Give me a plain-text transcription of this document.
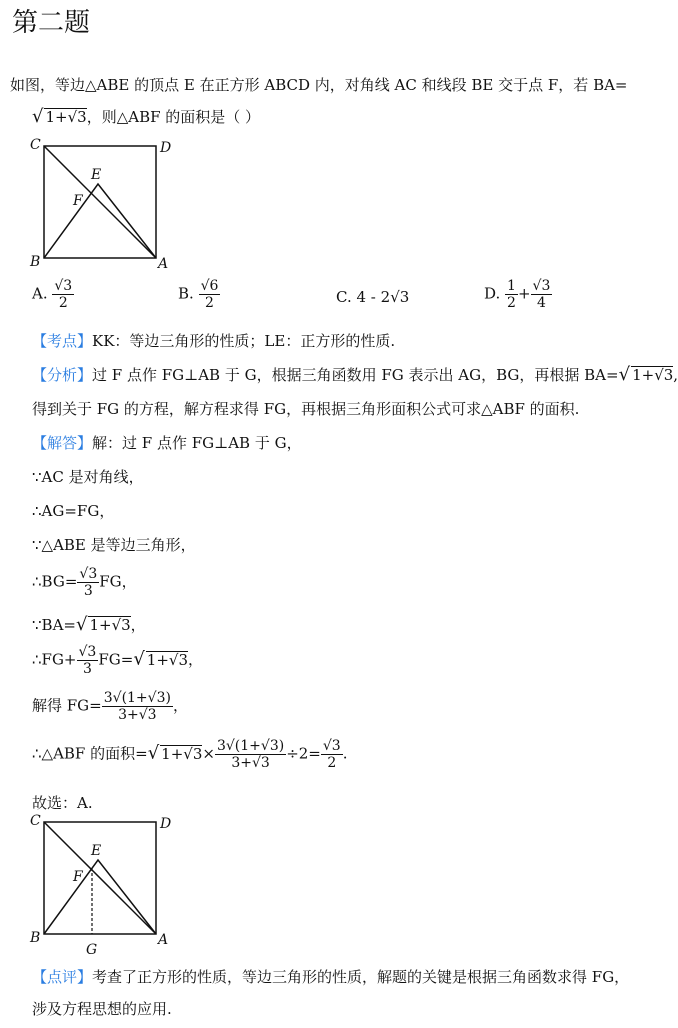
第二题
如图，等边△ABE 的顶点 E 在正方形 ABCD 内，对角线 AC 和线段 BE 交于点 F，若 BA=
√ 1+√3，则△ABF 的面积是（ ）
C	D
E
F
B	A
A. $\frac{√3}{2}$	B. $\frac{√6}{2}$	C. 4 - 2√3	D. $\frac{1}{2} + \frac{√3}{4}$
【考点】KK：等边三角形的性质；LE：正方形的性质.
【分析】过 F 点作 FG⊥AB 于 G，根据三角函数用 FG 表示出 AG，BG，再根据 BA=√ 1+√3,
得到关于 FG 的方程，解方程求得 FG，再根据三角形面积公式可求△ABF 的面积.
【解答】解：过 F 点作 FG⊥AB 于 G，
∵AC 是对角线，
∴AG=FG，
∵△ABE 是等边三角形，
∴BG= $\frac{√3}{3}$ FG，
∵BA=√ 1+√3，
∴FG+ $\frac{√3}{3} FG=√$ 1+√3，
解得 $FG= \frac{3√(1+√3)}{3+√3}$ ，
∴△ABF 的面积=√ $1+√3\times \frac{3√(1+√3)}{3+√3} \div 2= \frac{√3}{2}$ .
故选：A.
C	D
E
F
B	A
G
【点评】考查了正方形的性质，等边三角形的性质，解题的关键是根据三角函数求得 FG，
涉及方程思想的应用.
